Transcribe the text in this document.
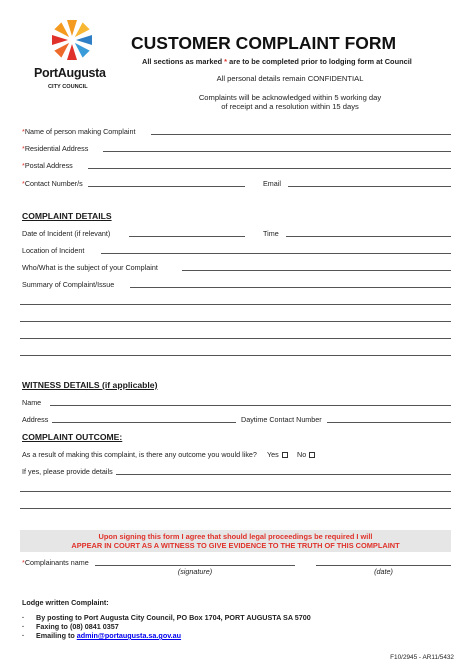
PortAugusta
CITY COUNCIL
CUSTOMER COMPLAINT FORM
All sections as marked * are to be completed prior to lodging form at Council
All personal details remain CONFIDENTIAL
Complaints will be acknowledged within 5 working day
of receipt and a resolution within 15 days
*Name of person making Complaint
*Residential Address
*Postal Address
*Contact Number/s	Email
COMPLAINT DETAILS
Date of Incident (if relevant)	Time
Location of Incident
Who/What is the subject of your Complaint
Summary of Complaint/Issue
WITNESS DETAILS (if applicable)
Name
Address	Daytime Contact Number
COMPLAINT OUTCOME:
As a result of making this complaint, is there any outcome you would like? Yes	No
If yes, please provide details
Upon signing this form I agree that should legal proceedings be required I will
APPEAR IN COURT AS A WITNESS TO GIVE EVIDENCE TO THE TRUTH OF THIS COMPLAINT
*Complainants name
(signature)	(date)
Lodge written Complaint:
· By posting to Port Augusta City Council, PO Box 1704, PORT AUGUSTA SA 5700
· Faxing to (08) 0841 0357
· Emailing to admin@portaugusta.sa.gov.au
F10/2945 - AR11/5432
